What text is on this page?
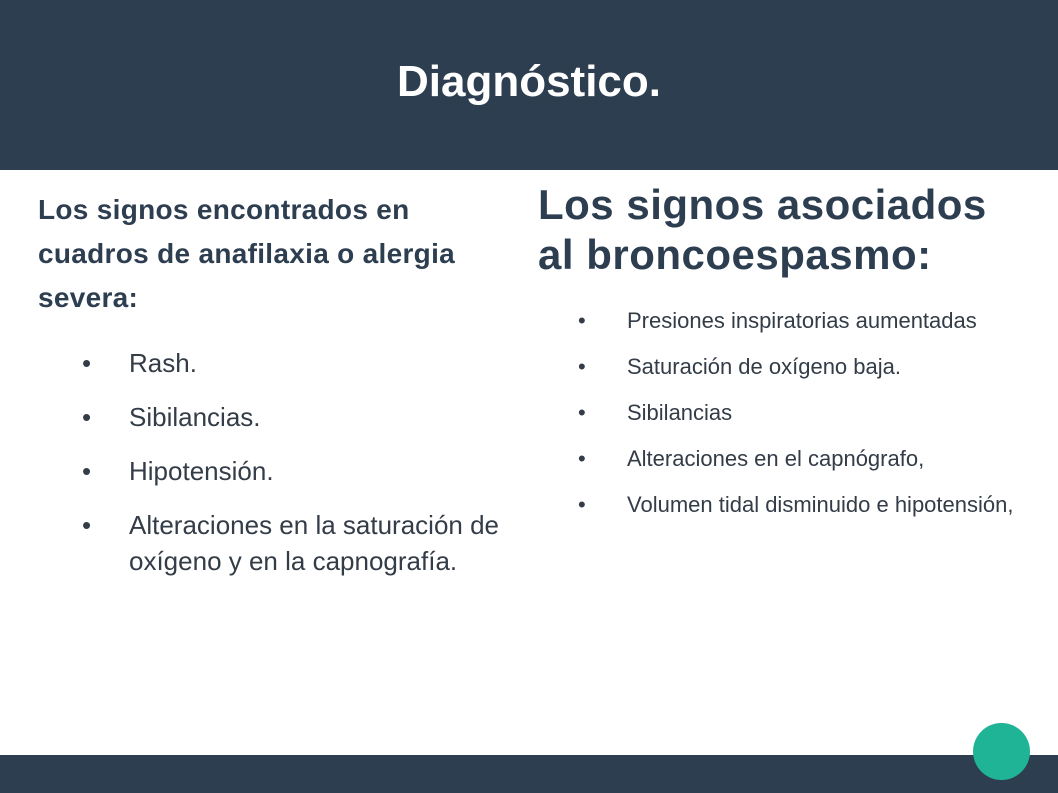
Diagnóstico.
Los signos encontrados en cuadros de anafilaxia o alergia severa:
• Rash.
• Sibilancias.
• Hipotensión.
• Alteraciones en la saturación de oxígeno y en la capnografía.
Los signos asociados al broncoespasmo:
• Presiones inspiratorias aumentadas
• Saturación de oxígeno baja.
• Sibilancias
• Alteraciones en el capnógrafo,
• Volumen tidal disminuido e hipotensión,
